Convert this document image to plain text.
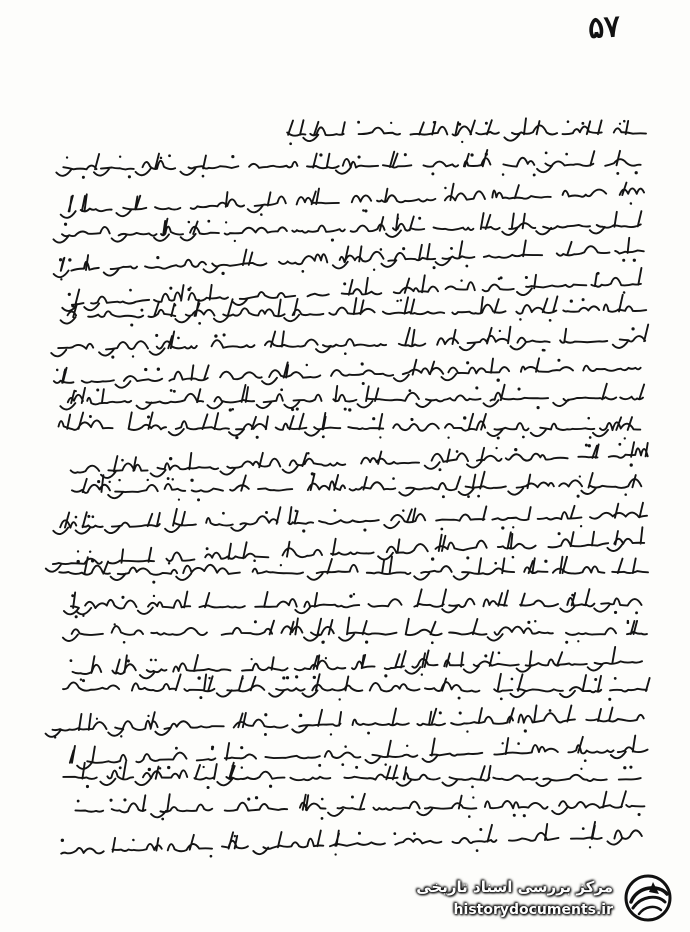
۵۷
مرکز بررسی اسناد تاریخی
historydocuments.ir
